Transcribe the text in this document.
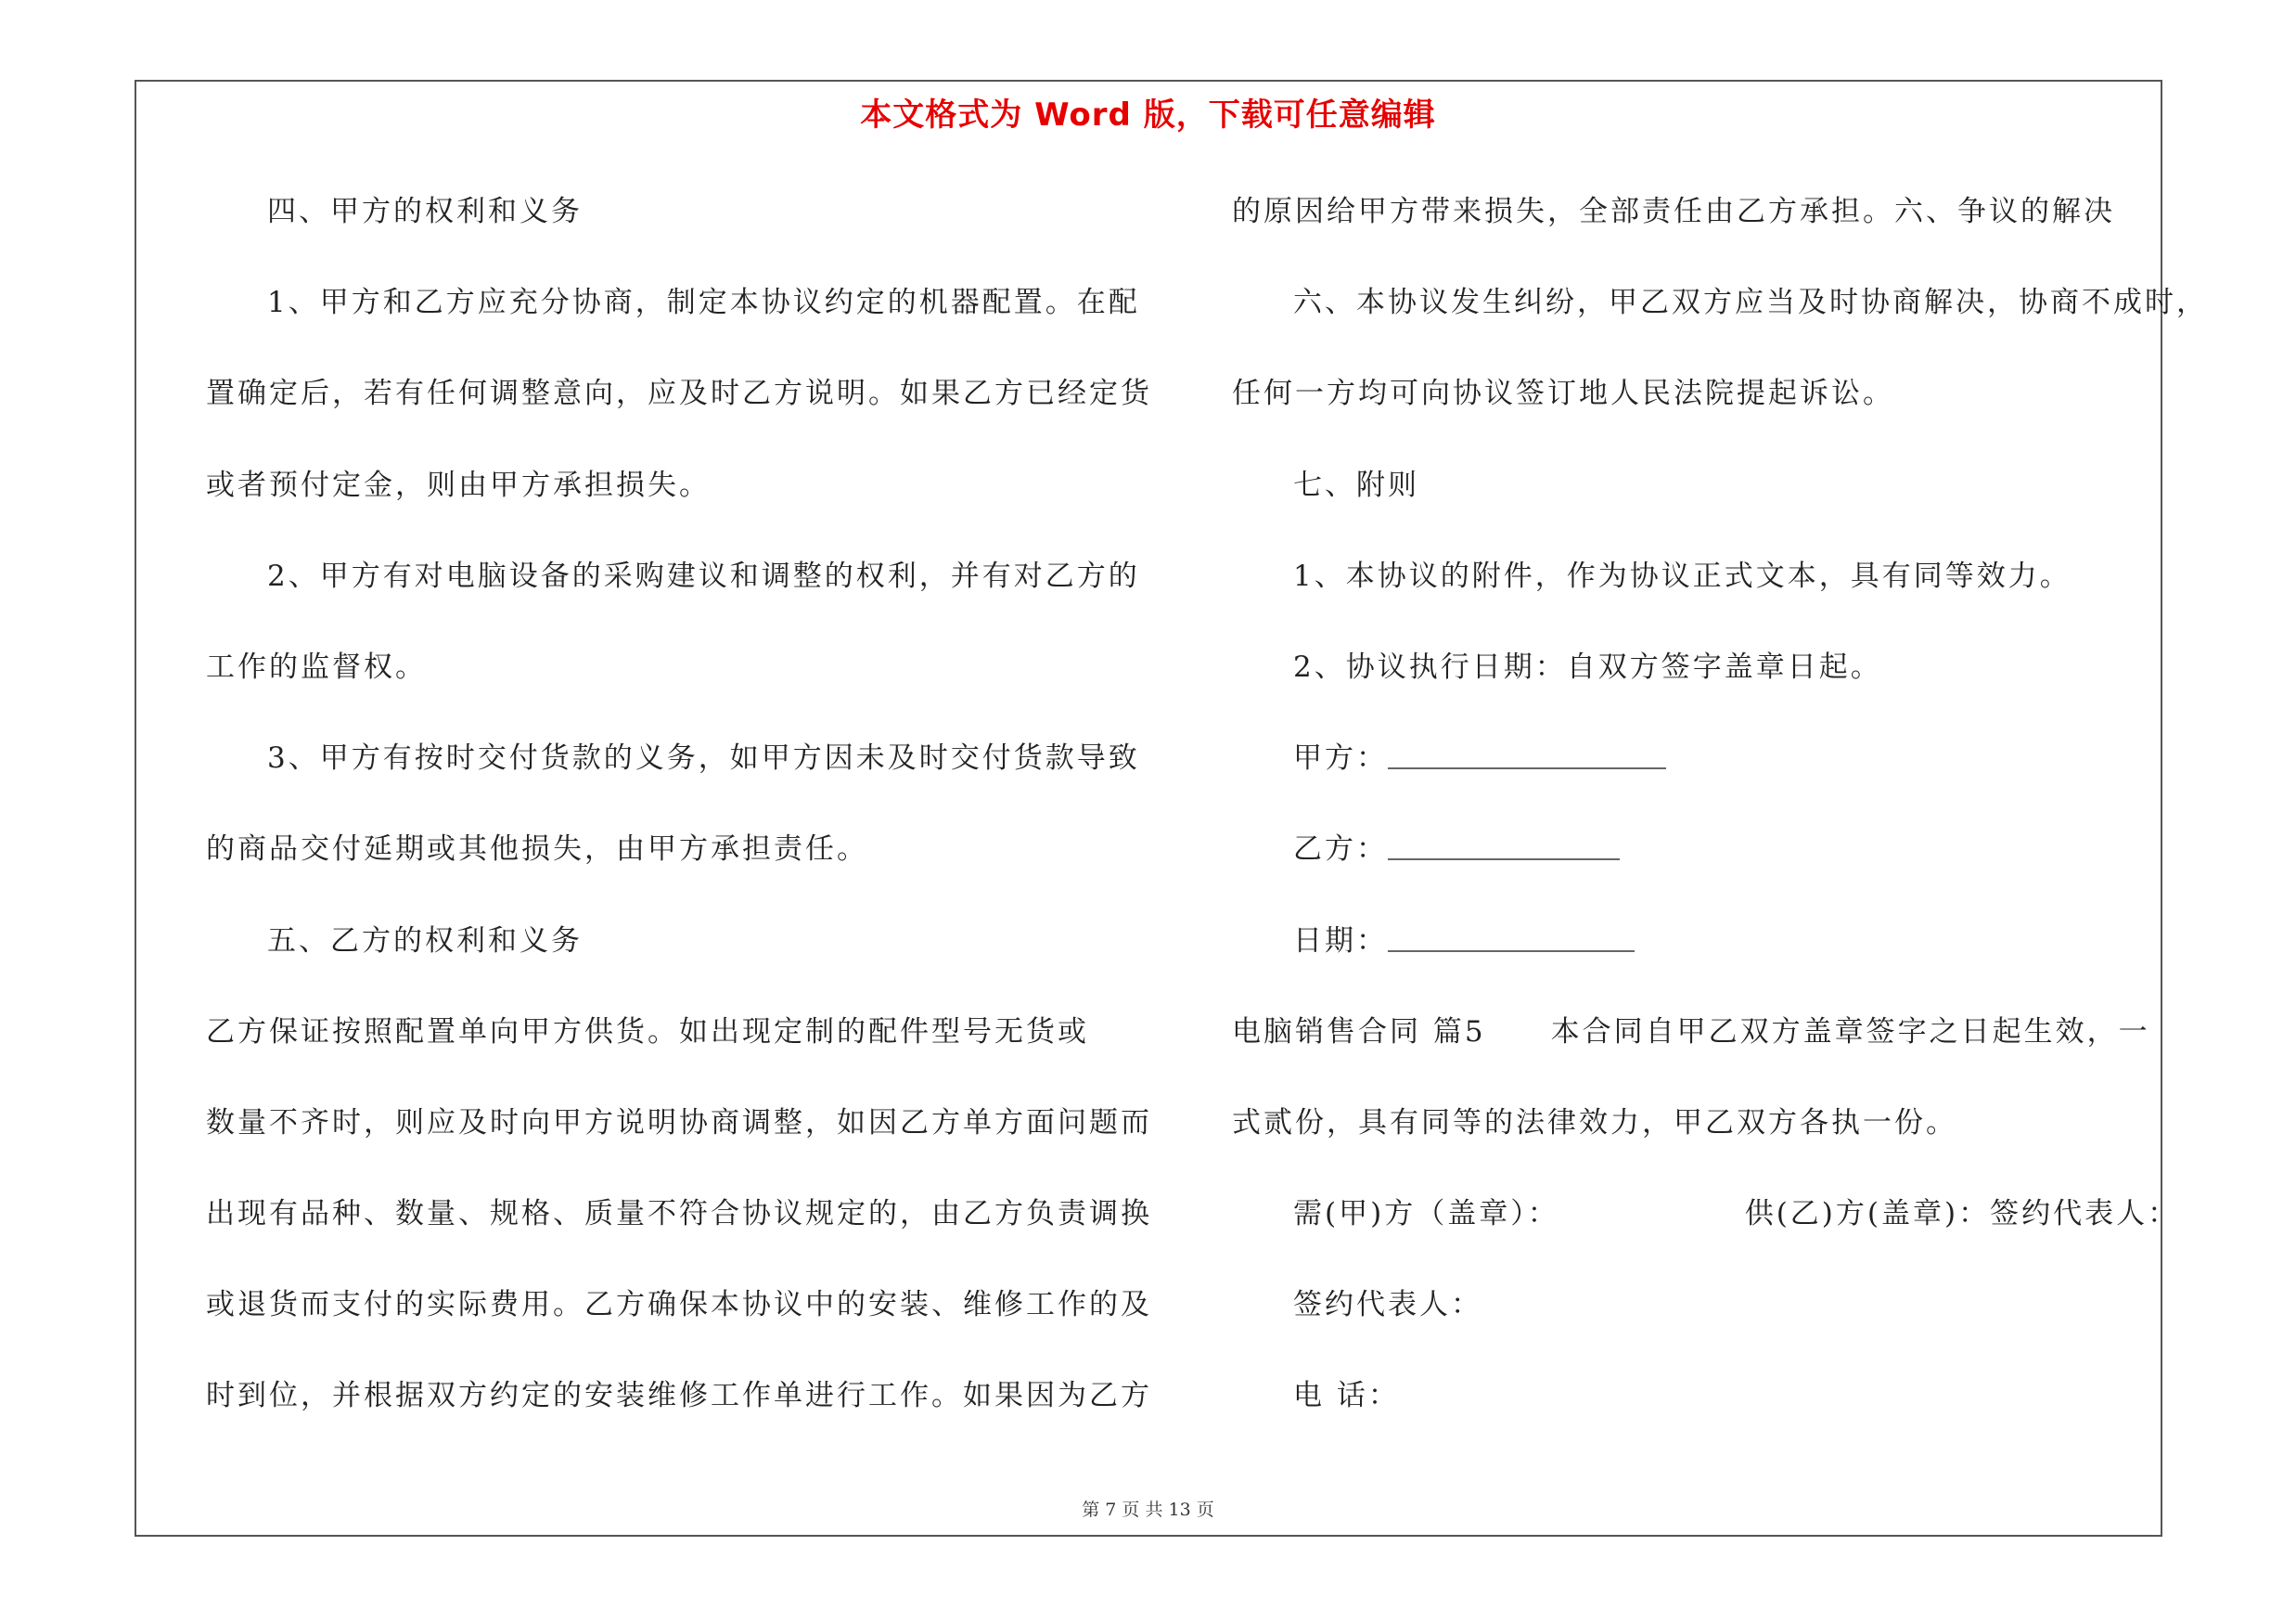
本文格式为 Word 版，下载可任意编辑
四、甲方的权利和义务
1、甲方和乙方应充分协商，制定本协议约定的机器配置。在配
置确定后，若有任何调整意向，应及时乙方说明。如果乙方已经定货
或者预付定金，则由甲方承担损失。
2、甲方有对电脑设备的采购建议和调整的权利，并有对乙方的
工作的监督权。
3、甲方有按时交付货款的义务，如甲方因未及时交付货款导致
的商品交付延期或其他损失，由甲方承担责任。
五、乙方的权利和义务
乙方保证按照配置单向甲方供货。如出现定制的配件型号无货或
数量不齐时，则应及时向甲方说明协商调整，如因乙方单方面问题而
出现有品种、数量、规格、质量不符合协议规定的，由乙方负责调换
或退货而支付的实际费用。乙方确保本协议中的安装、维修工作的及
时到位，并根据双方约定的安装维修工作单进行工作。如果因为乙方
的原因给甲方带来损失，全部责任由乙方承担。六、争议的解决
六、本协议发生纠纷，甲乙双方应当及时协商解决，协商不成时，
任何一方均可向协议签订地人民法院提起诉讼。
七、附则
1、本协议的附件，作为协议正式文本，具有同等效力。
2、协议执行日期：自双方签字盖章日起。
甲方：
乙方：
日期：
电脑销售合同 篇5 本合同自甲乙双方盖章签字之日起生效，一
式贰份，具有同等的法律效力，甲乙双方各执一份。
需(甲)方（盖章）：	供(乙)方(盖章)：签约代表人：
签约代表人：
电 话：
第 7 页 共 13 页
